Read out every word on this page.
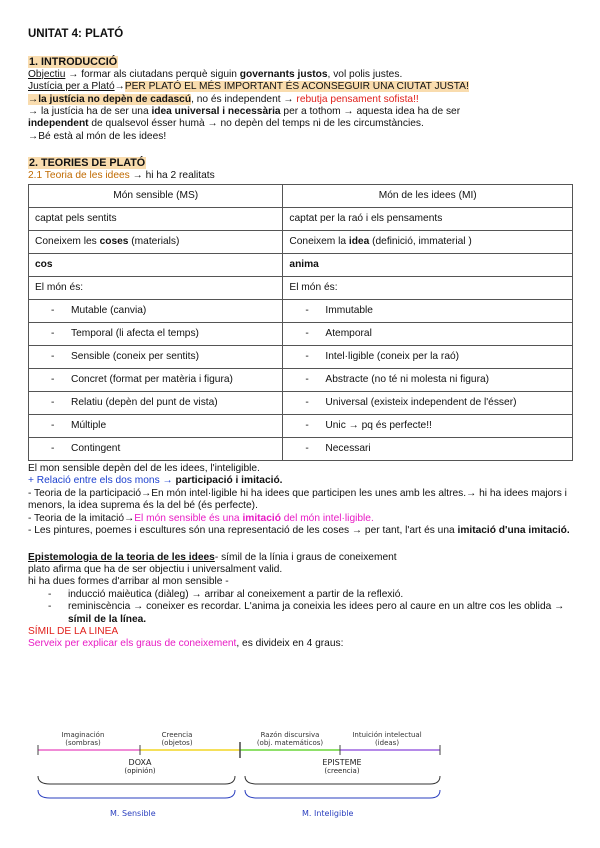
UNITAT 4: PLATÓ

1. INTRODUCCIÓ

Objectiu → formar als ciutadans perquè siguin governants justos, vol polis justes.

Justícia per a Plató→PER PLATÓ EL MÉS IMPORTANT ÉS ACONSEGUIR UNA CIUTAT JUSTA!

→la justícia no depèn de cadascú, no és independent → rebutja pensament sofista!!

→ la justícia ha de ser una idea universal i necessària per a tothom → aquesta idea ha de ser

independent de qualsevol ésser humà → no depèn del temps ni de les circumstàncies.

→Bé està al món de les idees!

2. TEORIES DE PLATÓ

2.1 Teoria de les idees → hi ha 2 realitats

Món sensible (MS)	Món de les idees (MI)
captat pels sentits	captat per la raó i els pensaments
Coneixem les coses (materials)	Coneixem la idea (definició, immaterial )
cos	anima
El món és:	El món és:
- Mutable (canvia)	- Immutable
- Temporal (li afecta el temps)	- Atemporal
- Sensible (coneix per sentits)	- Intel·ligible (coneix per la raó)
- Concret (format per matèria i figura)	- Abstracte (no té ni molesta ni figura)
- Relatiu (depèn del punt de vista)	- Universal (existeix independent de l'ésser)
- Múltiple	- Unic → pq és perfecte!!
- Contingent	- Necessari

El mon sensible depèn del de les idees, l'inteligible.

+ Relació entre els dos mons → participació i imitació.

- Teoria de la participació→En món intel·ligible hi ha idees que participen les unes amb les altres.→ hi ha idees majors i menors, la idea suprema és la del bé (és perfecte).

- Teoria de la imitació→El món sensible és una imitació del món intel·ligible.

- Les pintures, poemes i escultures són una representació de les coses → per tant, l'art és una imitació d'una imitació.

Epistemologia de la teoria de les idees- símil de la línia i graus de coneixement

plato afirma que ha de ser objectiu i universalment valid.

hi ha dues formes d'arribar al mon sensible -

- inducció maièutica (diàleg) → arribar al coneixement a partir de la reflexió.
- reminiscència → coneixer es recordar. L'anima ja coneixia les idees pero al caure en un altre cos les oblida → símil de la línea.

SÍMIL DE LA LINEA

Serveix per explicar els graus de coneixement, es divideix en 4 graus:

Imaginación
(sombras)
Creencia
(objetos)
Razón discursiva
(obj. matemáticos)
Intuición intelectual
(ideas)
DOXA
(opinión)
EPISTEME
(creencia)
M. Sensible	M. Inteligible
